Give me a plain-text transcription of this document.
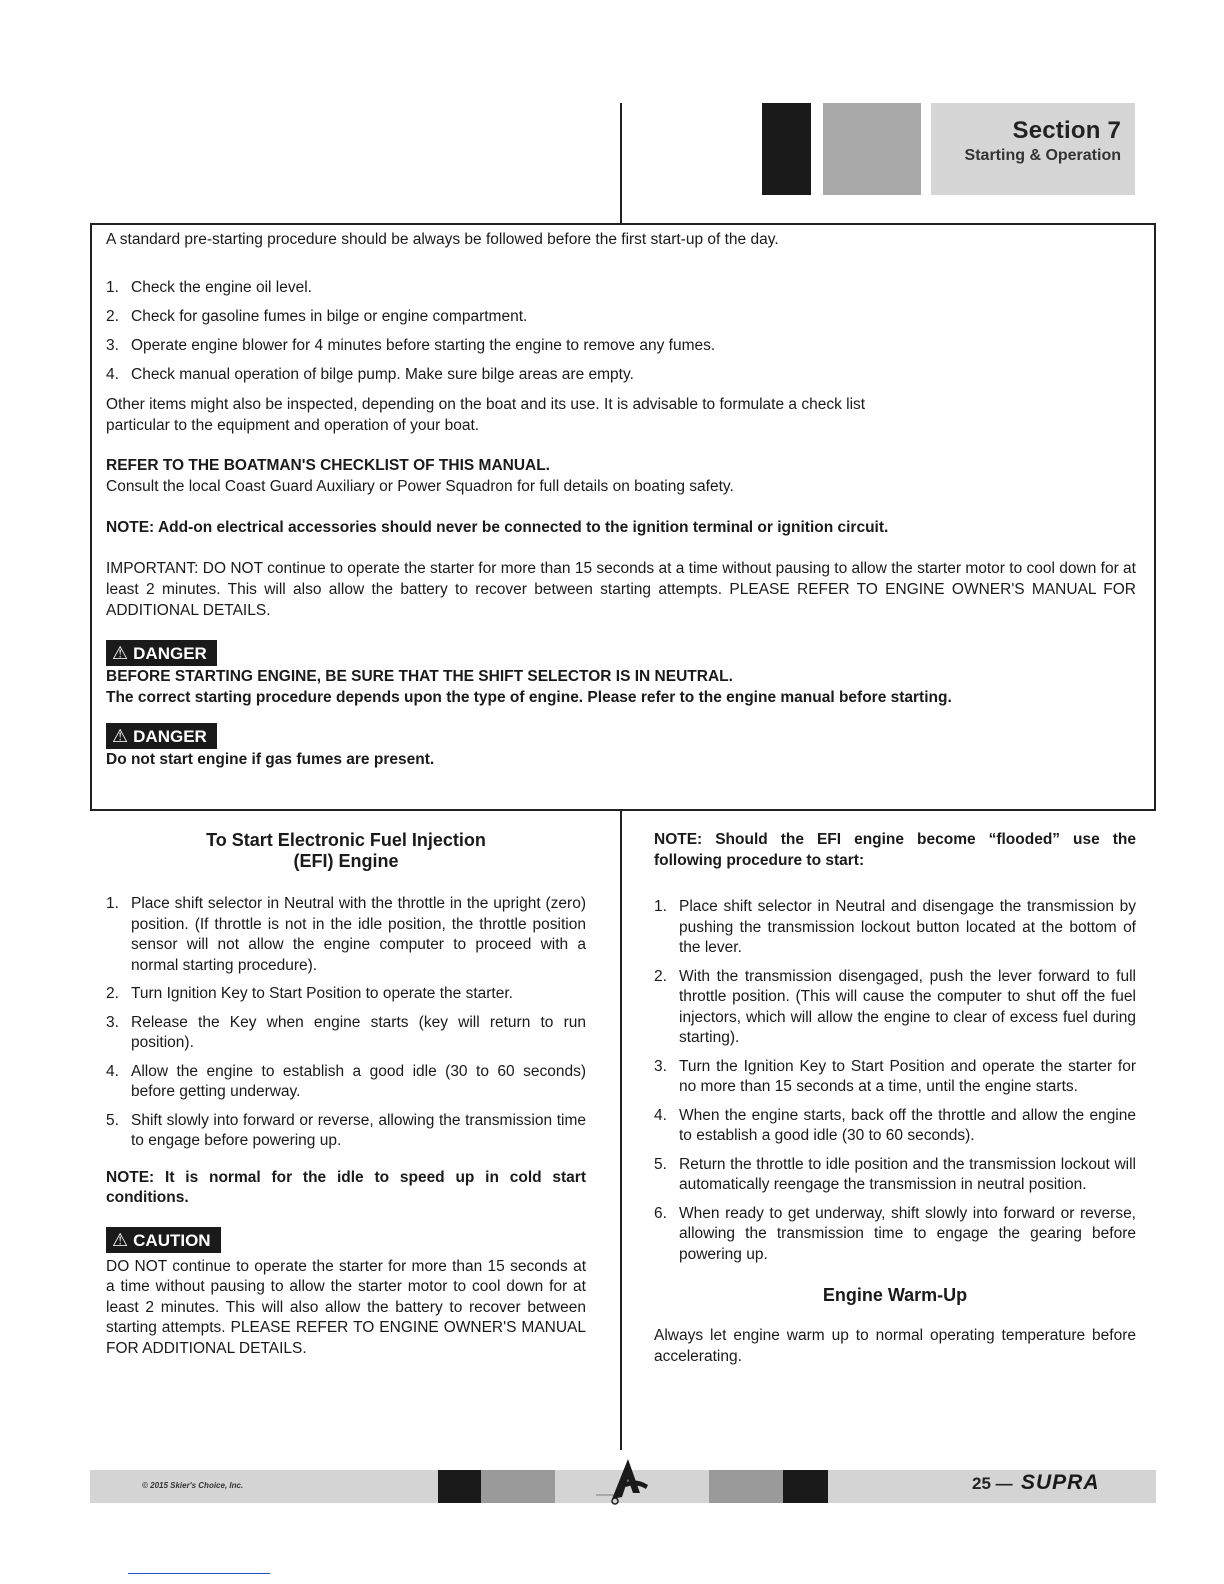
Section 7
Starting & Operation

A standard pre-starting procedure should be always be followed before the first start-up of the day.

1. Check the engine oil level.
2. Check for gasoline fumes in bilge or engine compartment.
3. Operate engine blower for 4 minutes before starting the engine to remove any fumes.
4. Check manual operation of bilge pump. Make sure bilge areas are empty.

Other items might also be inspected, depending on the boat and its use. It is advisable to formulate a check list

particular to the equipment and operation of your boat.

REFER TO THE BOATMAN'S CHECKLIST OF THIS MANUAL.

Consult the local Coast Guard Auxiliary or Power Squadron for full details on boating safety.

NOTE: Add-on electrical accessories should never be connected to the ignition terminal or ignition circuit.

IMPORTANT: DO NOT continue to operate the starter for more than 15 seconds at a time without pausing to allow the starter motor to cool down for at least 2 minutes. This will also allow the battery to recover between starting attempts. PLEASE REFER TO ENGINE OWNER'S MANUAL FOR ADDITIONAL DETAILS.

⚠ DANGER

BEFORE STARTING ENGINE, BE SURE THAT THE SHIFT SELECTOR IS IN NEUTRAL.

The correct starting procedure depends upon the type of engine. Please refer to the engine manual before starting.

⚠ DANGER

Do not start engine if gas fumes are present.

To Start Electronic Fuel Injection
(EFI) Engine
1. Place shift selector in Neutral with the throttle in the upright (zero) position. (If throttle is not in the idle position, the throttle position sensor will not allow the engine computer to proceed with a normal starting procedure).
2. Turn Ignition Key to Start Position to operate the starter.
3. Release the Key when engine starts (key will return to run position).
4. Allow the engine to establish a good idle (30 to 60 seconds) before getting underway.
5. Shift slowly into forward or reverse, allowing the transmission time to engage before powering up.

NOTE: It is normal for the idle to speed up in cold start conditions.

⚠ CAUTION

DO NOT continue to operate the starter for more than 15 seconds at a time without pausing to allow the starter motor to cool down for at least 2 minutes. This will also allow the battery to recover between starting attempts. PLEASE REFER TO ENGINE OWNER'S MANUAL FOR ADDITIONAL DETAILS.

NOTE: Should the EFI engine become “flooded” use the following procedure to start:

1. Place shift selector in Neutral and disengage the transmission by pushing the transmission lockout button located at the bottom of the lever.
2. With the transmission disengaged, push the lever forward to full throttle position. (This will cause the computer to shut off the fuel injectors, which will allow the engine to clear of excess fuel during starting).
3. Turn the Ignition Key to Start Position and operate the starter for no more than 15 seconds at a time, until the engine starts.
4. When the engine starts, back off the throttle and allow the engine to establish a good idle (30 to 60 seconds).
5. Return the throttle to idle position and the transmission lockout will automatically reengage the transmission in neutral position.
6. When ready to get underway, shift slowly into forward or reverse, allowing the transmission time to engage the gearing before powering up.
Engine Warm-Up

Always let engine warm up to normal operating temperature before accelerating.

© 2015 Skier's Choice, Inc.	25 — SUPRA
